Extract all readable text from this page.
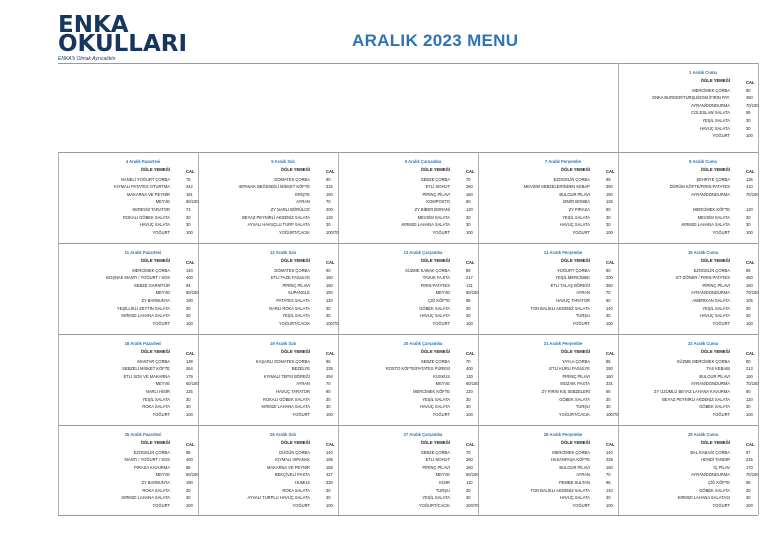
ENKA
OKULLARI
ENKA'lı Olmak Ayrıcalıktır
ARALIK 2023 MENU
1 Aralık Cuma
ÖĞLE YEMEĞİ	CAL
MERCİMEK ÇORBA	80
ENKA BURGER/TURŞU/DOM./FIRIN PAT.	450
AYRAN/DONDURMA	70/100
COLESLAW SALATA	95
YEŞİL SALATA	30
HAVUÇ SALATA	30
YOĞURT	100
4 Aralık Pazartesi
ÖĞLE YEMEĞİ	CAL
NANELİ YOĞURT ÇORBA	75
KIYMALI PATATES OTURTMA	342
MAKARNA VE PEYNİR	181
MEYVE	60/100
KEREVİZ TARATOR	72
ROKALI GÖBEK SALATA	30
HAVUÇ SALATA	30
YOĞURT	100
5 Aralık Salı
ÖĞLE YEMEĞİ	CAL
DOMATES ÇORBA	90
ISPANAK BEĞENDİLİ MİSKET KÖFTE	315
ERİŞTE	160
AYRAN	70
ZY NARLI BÖRÜLCE	200
BEYAZ PEYNİRLİ AKDENİZ SALATA	120
AYVALI HAVUÇLU TURP SALATA	30
YOĞURT/CACIK	100/70
6 Aralık Çarşamba
ÖĞLE YEMEĞİ	CAL
SEBZE ÇORBA	70
ETLİ NOHUT	260
PİRİNÇ PİLAVI	160
KOMPOSTO	60
ZY BİBER BORANİ	120
MEVSİM SALATA	30
KIRMIZI LAHANA SALATA	30
YOĞURT	100
7 Aralık Perşembe
ÖĞLE YEMEĞİ	CAL
EZOGELİN ÇORBA	95
MEVSİM SEBZELERİNDEN KEBAP	350
BULGUR PİLAVI	150
İZMİR BOMBA	126
ZY PIRASA	80
YEŞİL SALATA	30
HAVUÇ SALATA	30
YOĞURT	100
8 Aralık Cuma
ÖĞLE YEMEĞİ	CAL
ŞEHRİYE ÇORBA	136
DÜRÜM KÖFTE/FIRIN PATATES	410
AYRAN/DONDURMA	70/100
MERCİMEK KÖFTE	120
MEVSİM SALATA	30
KIRMIZI LAHANA SALATA	30
YOĞURT	100
11 Aralık Pazartesi
ÖĞLE YEMEĞİ	CAL
MERCİMEK ÇORBA	140
BOŞNAK MANTI / YOĞURT / SOS	400
SEBZE GARNİTÜR	94
MEYVE	60/100
ZY BARBUNYA	190
YEŞİLLİKLİ ZEYTİN SALATA	30
KIRMIZI LAHANA SALATA	30
YOĞURT	100
12 Aralık Salı
ÖĞLE YEMEĞİ	CAL
DOMATES ÇORBA	90
ETLİ TAZE FASULYE	150
PİRİNÇ PİLAVI	160
SUPANGLE	150
PATATES SALATA	120
NARLI ROKA SALATA	30
YEŞİL SALATA	30
YOĞURT/CACIK	100/70
13 Aralık Çarşamba
ÖĞLE YEMEĞİ	CAL
SÜZME KABAK ÇORBA	85
TAVUK FAJİTA	217
FIRIN PATATES	131
MEYVE	60/100
ÇIĞ KÖFTE	95
GÖBEK SALATA	30
HAVUÇ SALATA	30
YOĞURT	100
14 Aralık Perşembe
ÖĞLE YEMEĞİ	CAL
YOĞURT ÇORBA	80
YEŞİL MERCİMEK	200
ETLİ TALAŞ BÖREĞİ	350
AYRAN	70
HAVUÇ TARATOR	90
TON BALIKLI AKDENİZ SALATA	140
TURŞU	30
YOĞURT	100
15 Aralık Cuma
ÖĞLE YEMEĞİ	CAL
EZOGELİN ÇORBA	95
ET DÖNER / FIRIN PATATES	450
PİRİNÇ PİLAVI	160
AYRAN/DONDURMA	70/100
AMERİKAN SALATA	105
YEŞİL SALATA	30
HAVUÇ SALATA	30
YOĞURT	100
18 Aralık Pazartesi
ÖĞLE YEMEĞİ	CAL
MANTAR ÇORBA	139
SEBZELİ MİSKET KÖFTE	264
ETLİ SOS VE MAKARNA	179
MEYVE	60/100
NARLI HİSİR	125
YEŞİL SALATA	30
ROKA SALATA	30
YOĞURT	100
19 Aralık Salı
ÖĞLE YEMEĞİ	CAL
KAŞARLI DOMATES ÇORBA	95
BEZELYE	235
KIYMALI TEPSİ BÖREĞİ	494
AYRAN	70
HAVUÇ TARATOR	90
ROKALI GÖBEK SALATA	30
KIRMIZI LAHANA SALATA	30
YOĞURT	100
20 Aralık Çarşamba
ÖĞLE YEMEĞİ	CAL
SEBZE ÇORBA	70
ROSTO KÖFTE/PATATES PÜRESİ	400
KUSKUS	130
MEYVE	60/100
MERCİMEK KÖFTE	120
YEŞİL SALATA	30
HAVUÇ SALATA	30
YOĞURT	100
21 Aralık Perşembe
ÖĞLE YEMEĞİ	CAL
YAYLA ÇORBA	85
ETLİ KURU FASULYE	250
PİRİNÇ PİLAVI	160
MOZAİK PASTA	331
ZY FIRIN KIŞ SEBZELERİ	65
GÖBEK SALATA	30
TURŞU	30
YOĞURT/CACIK	100/70
22 Aralık Cuma
ÖĞLE YEMEĞİ	CAL
SÜZME MERCİMEK ÇORBA	80
TAS KEBABI	213
BULGUR PİLAVI	150
AYRAN/DONDURMA	70/100
ZY ÜZÜMLÜ BEYAZ LAHANA KAVURMA	90
BEYAZ PEYNİRLİ AKDENİZ SALATA	120
GÖBEK SALATA	30
YOĞURT	100
25 Aralık Pazartesi
ÖĞLE YEMEĞİ	CAL
EZOGELİN ÇORBA	95
MANTI / YOĞURT / SOS	400
PIRASA KAVURMA	95
MEYVE	60/100
ZY BARBUNYA	190
ROKA SALATA	30
KIRMIZI LAHANA SALATA	30
YOĞURT	100
26 Aralık Salı
ÖĞLE YEMEĞİ	CAL
DÜĞÜN ÇORBA	140
KIYMALI ISPANAK	195
MAKARNA VE PEYNİR	158
BEKÇİVELİ PASTA	427
HUMUS	330
ROKA SALATA	30
AYVALI TURPLU HAVUÇ SALATA	30
YOĞURT	100
27 Aralık Çarşamba
ÖĞLE YEMEĞİ	CAL
SEBZE ÇORBA	70
ETLİ NOHUT	260
PİRİNÇ PİLAVI	160
MEYVE	60/100
KISIR	110
TURŞU	30
YEŞİL SALATA	30
YOĞURT/CACIK	100/70
28 Aralık Perşembe
ÖĞLE YEMEĞİ	CAL
MERCİMEK ÇORBA	140
HASANPAŞA KÖFTE	228
BULGUR PİLAVI	160
AYRAN	70
PEMBE SULTAN	95
TON BALIKLI AKDENİZ SALATA	140
HAVUÇ SALATA	30
YOĞURT	100
29 Aralık Cuma
ÖĞLE YEMEĞİ	CAL
BAL KABAĞI ÇORBA	57
HENDİ TANDIR	225
İÇ PİLAV	170
AYRAN/DONDURMA	70/100
ÇİĞ KÖFTE	95
GÖBEK SALATA	30
KIRMIZI LAHANA SALATASI	30
YOĞURT	100
